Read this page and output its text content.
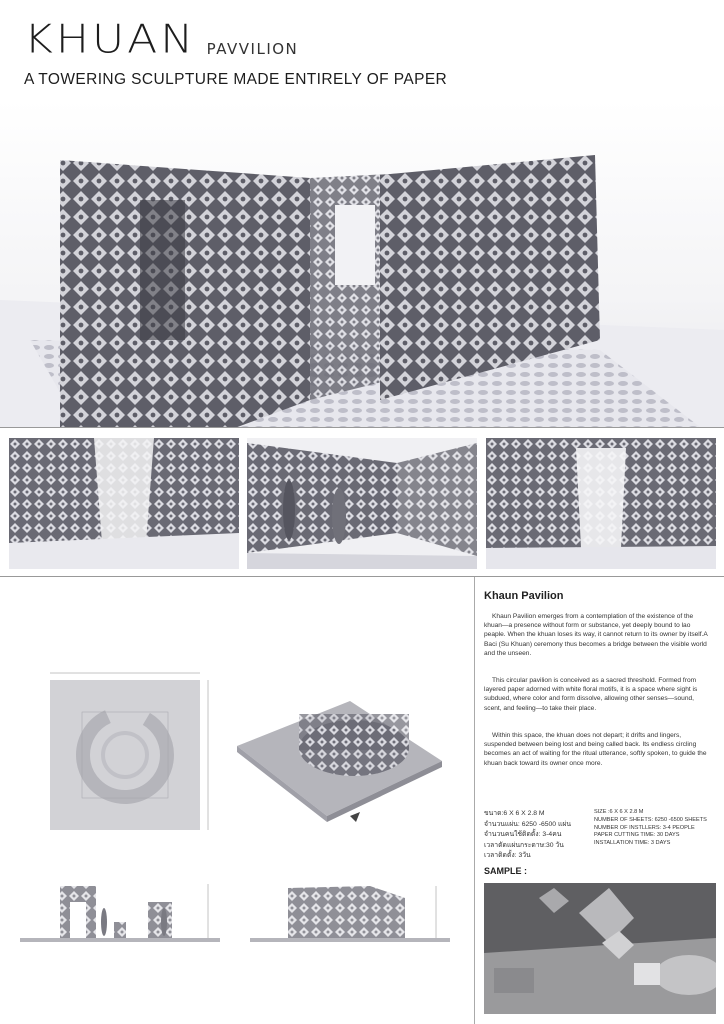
KHUAN PAVVILION
A TOWERING SCULPTURE MADE ENTIRELY OF PAPER
Khaun Pavilion
Khaun Pavilion emerges from a contemplation of the existence of the khuan—a presence without form or substance, yet deeply bound to lao peaple. When the khuan loses its way, it cannot return to its owner by itself.A Baci (Su Khuan) ceremony thus becomes a bridge between the visible world and the unseen.
This circular pavilion is conceived as a sacred threshold. Formed from layered paper adorned with white floral motifs, it is a space where sight is subdued, where color and form dissolve, allowing other senses—sound, scent, and feeling—to take their place.
Within this space, the khuan does not depart; it drifts and lingers, suspended between being lost and being called back. Its endless circling becomes an act of waiting for the ritual utterance, softly spoken, to guide the khuan back toward its owner once more.
ขนาด:6 X 6 X 2.8 M
จำนวนแผ่น: 6250 -6500 แผ่น
จำนวนคนใช้ติดตั้ง: 3-4คน
เวลาตัดแผ่นกระดาษ:30 วัน
เวลาติดตั้ง: 3วัน
SIZE :6 X 6 X 2.8 M
NUMBER OF SHEETS: 6250 -6500 SHEETS
NUMBER OF INSTLLERS: 3-4 PEOPLE
PAPER CUTTING TIME: 30 DAYS
INSTALLATION TIME: 3 DAYS
SAMPLE :
